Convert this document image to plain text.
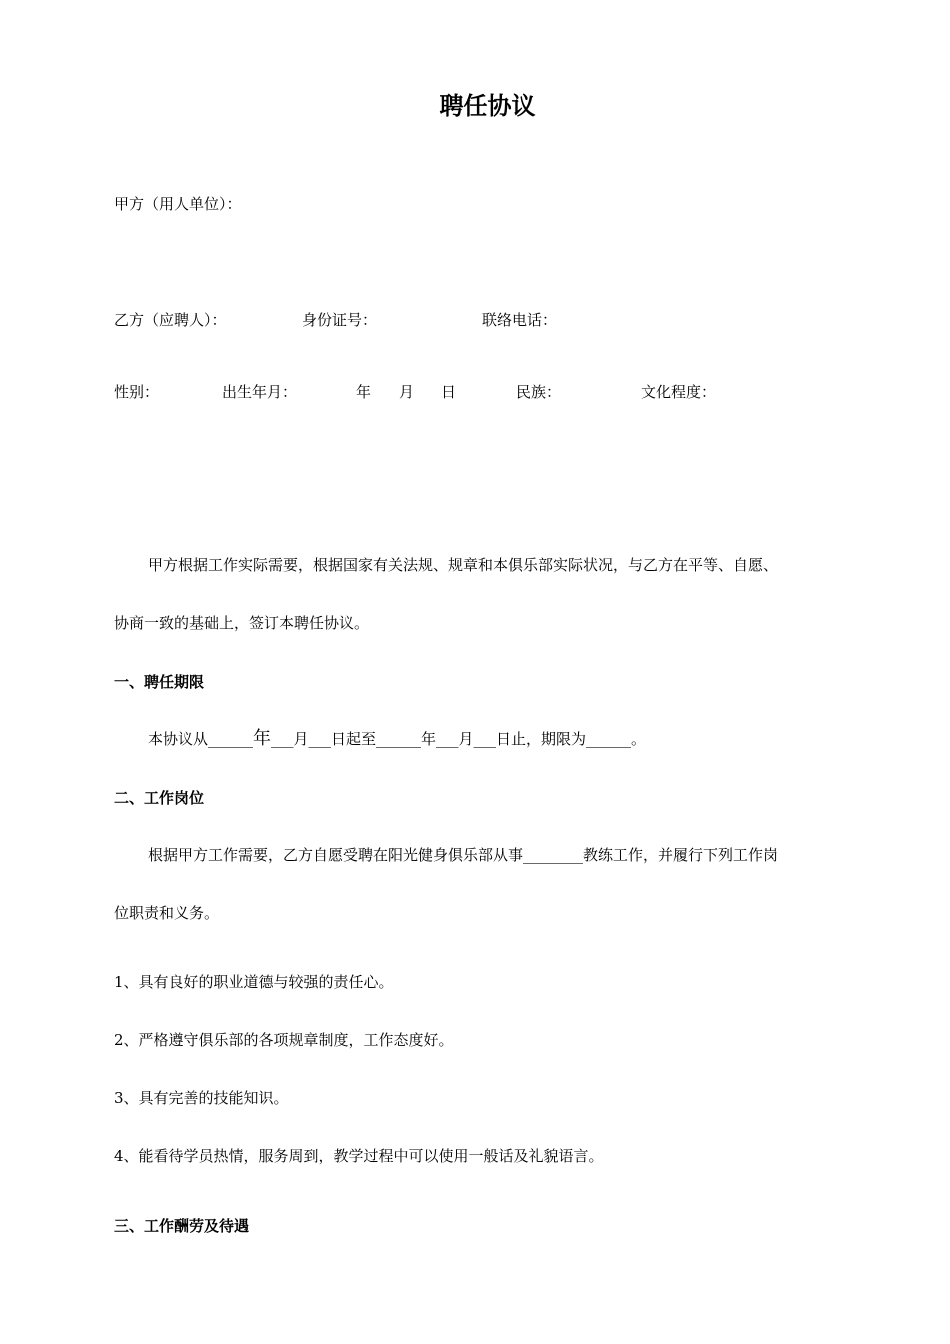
聘任协议
甲方（用人单位）：
乙方（应聘人）：	身份证号：	联络电话：
性别：	出生年月：	年 月 日	民族：	文化程度：
甲方根据工作实际需要，根据国家有关法规、规章和本俱乐部实际状况，与乙方在平等、自愿、
协商一致的基础上，签订本聘任协议。
一、聘任期限
本协议从______年___月___日起至______年___月___日止，期限为______。
二、工作岗位
根据甲方工作需要，乙方自愿受聘在阳光健身俱乐部从事________教练工作，并履行下列工作岗
位职责和义务。
1、具有良好的职业道德与较强的责任心。
2、严格遵守俱乐部的各项规章制度，工作态度好。
3、具有完善的技能知识。
4、能看待学员热情，服务周到，教学过程中可以使用一般话及礼貌语言。
三、工作酬劳及待遇
